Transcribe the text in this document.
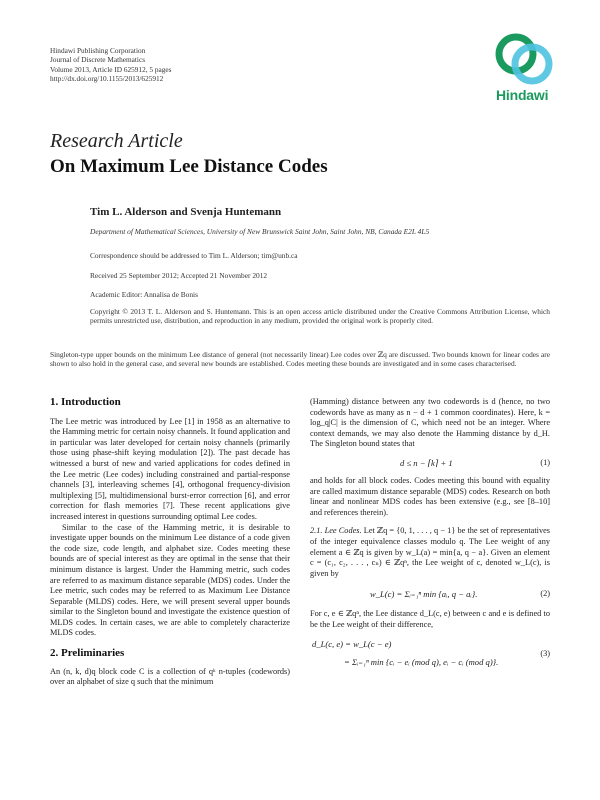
Hindawi Publishing Corporation
Journal of Discrete Mathematics
Volume 2013, Article ID 625912, 5 pages
http://dx.doi.org/10.1155/2013/625912
Hindawi
Research Article
On Maximum Lee Distance Codes
Tim L. Alderson and Svenja Huntemann
Department of Mathematical Sciences, University of New Brunswick Saint John, Saint John, NB, Canada E2L 4L5
Correspondence should be addressed to Tim L. Alderson; tim@unb.ca
Received 25 September 2012; Accepted 21 November 2012
Academic Editor: Annalisa de Bonis
Copyright © 2013 T. L. Alderson and S. Huntemann. This is an open access article distributed under the Creative Commons Attribution License, which permits unrestricted use, distribution, and reproduction in any medium, provided the original work is properly cited.
Singleton-type upper bounds on the minimum Lee distance of general (not necessarily linear) Lee codes over ℤq are discussed. Two bounds known for linear codes are shown to also hold in the general case, and several new bounds are established. Codes meeting these bounds are investigated and in some cases characterised.
1. Introduction

The Lee metric was introduced by Lee [1] in 1958 as an alternative to the Hamming metric for certain noisy channels. It found application and in particular was later developed for certain noisy channels (primarily those using phase-shift keying modulation [2]). The past decade has witnessed a burst of new and varied applications for codes defined in the Lee metric (Lee codes) including constrained and partial-response channels [3], interleaving schemes [4], orthogonal frequency-division multiplexing [5], multidimensional burst-error correction [6], and error correction for flash memories [7]. These recent applications give increased interest in questions surrounding optimal Lee codes.

Similar to the case of the Hamming metric, it is desirable to investigate upper bounds on the minimum Lee distance of a code given the code size, code length, and alphabet size. Codes meeting these bounds are of special interest as they are optimal in the sense that their minimum distance is largest. Under the Hamming metric, such codes are referred to as maximum distance separable (MDS) codes. Under the Lee metric, such codes may be referred to as Maximum Lee Distance Separable (MLDS) codes. Here, we will present several upper bounds similar to the Singleton bound and investigate the existence question of MLDS codes. In certain cases, we are able to completely characterize MLDS codes.

2. Preliminaries

An (n, k, d)q block code C is a collection of qᵏ n-tuples (codewords) over an alphabet of size q such that the minimum

(Hamming) distance between any two codewords is d (hence, no two codewords have as many as n − d + 1 common coordinates). Here, k = log_q|C| is the dimension of C, which need not be an integer. Where context demands, we may also denote the Hamming distance by d_H. The Singleton bound states that

d ≤ n − ⌈k⌉ + 1	(1)

and holds for all block codes. Codes meeting this bound with equality are called maximum distance separable (MDS) codes. Research on both linear and nonlinear MDS codes has been extensive (e.g., see [8–10] and references therein).

2.1. Lee Codes. Let ℤq = {0, 1, . . . , q − 1} be the set of representatives of the integer equivalence classes modulo q. The Lee weight of any element a ∈ ℤq is given by w_L(a) = min{a, q − a}. Given an element c = (c₁, c₂, . . . , cₙ) ∈ ℤqⁿ, the Lee weight of c, denoted w_L(c), is given by

w_L(c) = Σᵢ₌₁ⁿ min {aᵢ, q − aᵢ}.	(2)

For c, e ∈ ℤqⁿ, the Lee distance d_L(c, e) between c and e is defined to be the Lee weight of their difference,

d_L(c, e) = w_L(c − e)
= Σᵢ₌₁ⁿ min {cᵢ − eᵢ (mod q), eᵢ − cᵢ (mod q)}.
(3)
